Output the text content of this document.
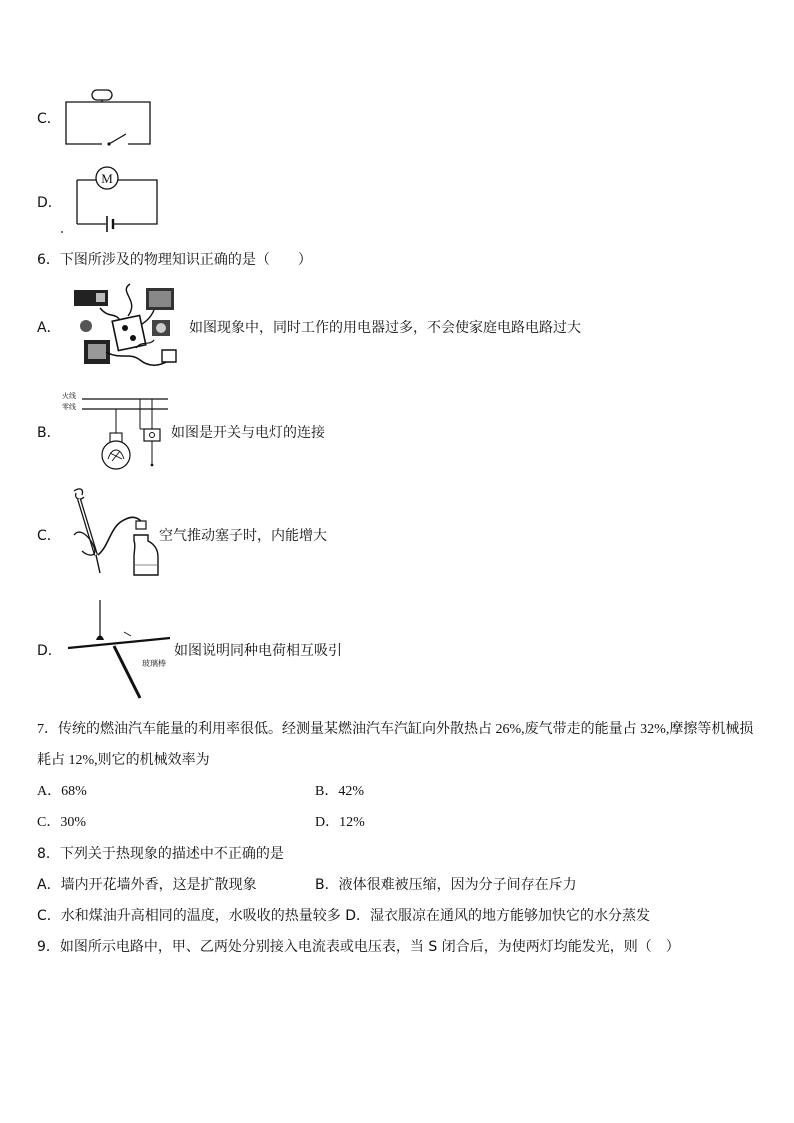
C．
D．
M
6．下图所涉及的物理知识正确的是（　　）
A．	如图现象中，同时工作的用电器过多，不会使家庭电路电路过大
B．
火线
零线
如图是开关与电灯的连接
C．	空气推动塞子时，内能增大
D．
玻璃棒
如图说明同种电荷相互吸引
7．传统的燃油汽车能量的利用率很低。经测量某燃油汽车汽缸向外散热占 26%,废气带走的能量占 32%,摩擦等机械损
耗占 12%,则它的机械效率为
A．68%	B．42%
C．30%	D．12%
8．下列关于热现象的描述中不正确的是
A．墙内开花墙外香，这是扩散现象	B．液体很难被压缩，因为分子间存在斥力
C．水和煤油升高相同的温度，水吸收的热量较多 D．湿衣服凉在通风的地方能够加快它的水分蒸发
9．如图所示电路中，甲、乙两处分别接入电流表或电压表，当 S 闭合后，为使两灯均能发光，则（　）
